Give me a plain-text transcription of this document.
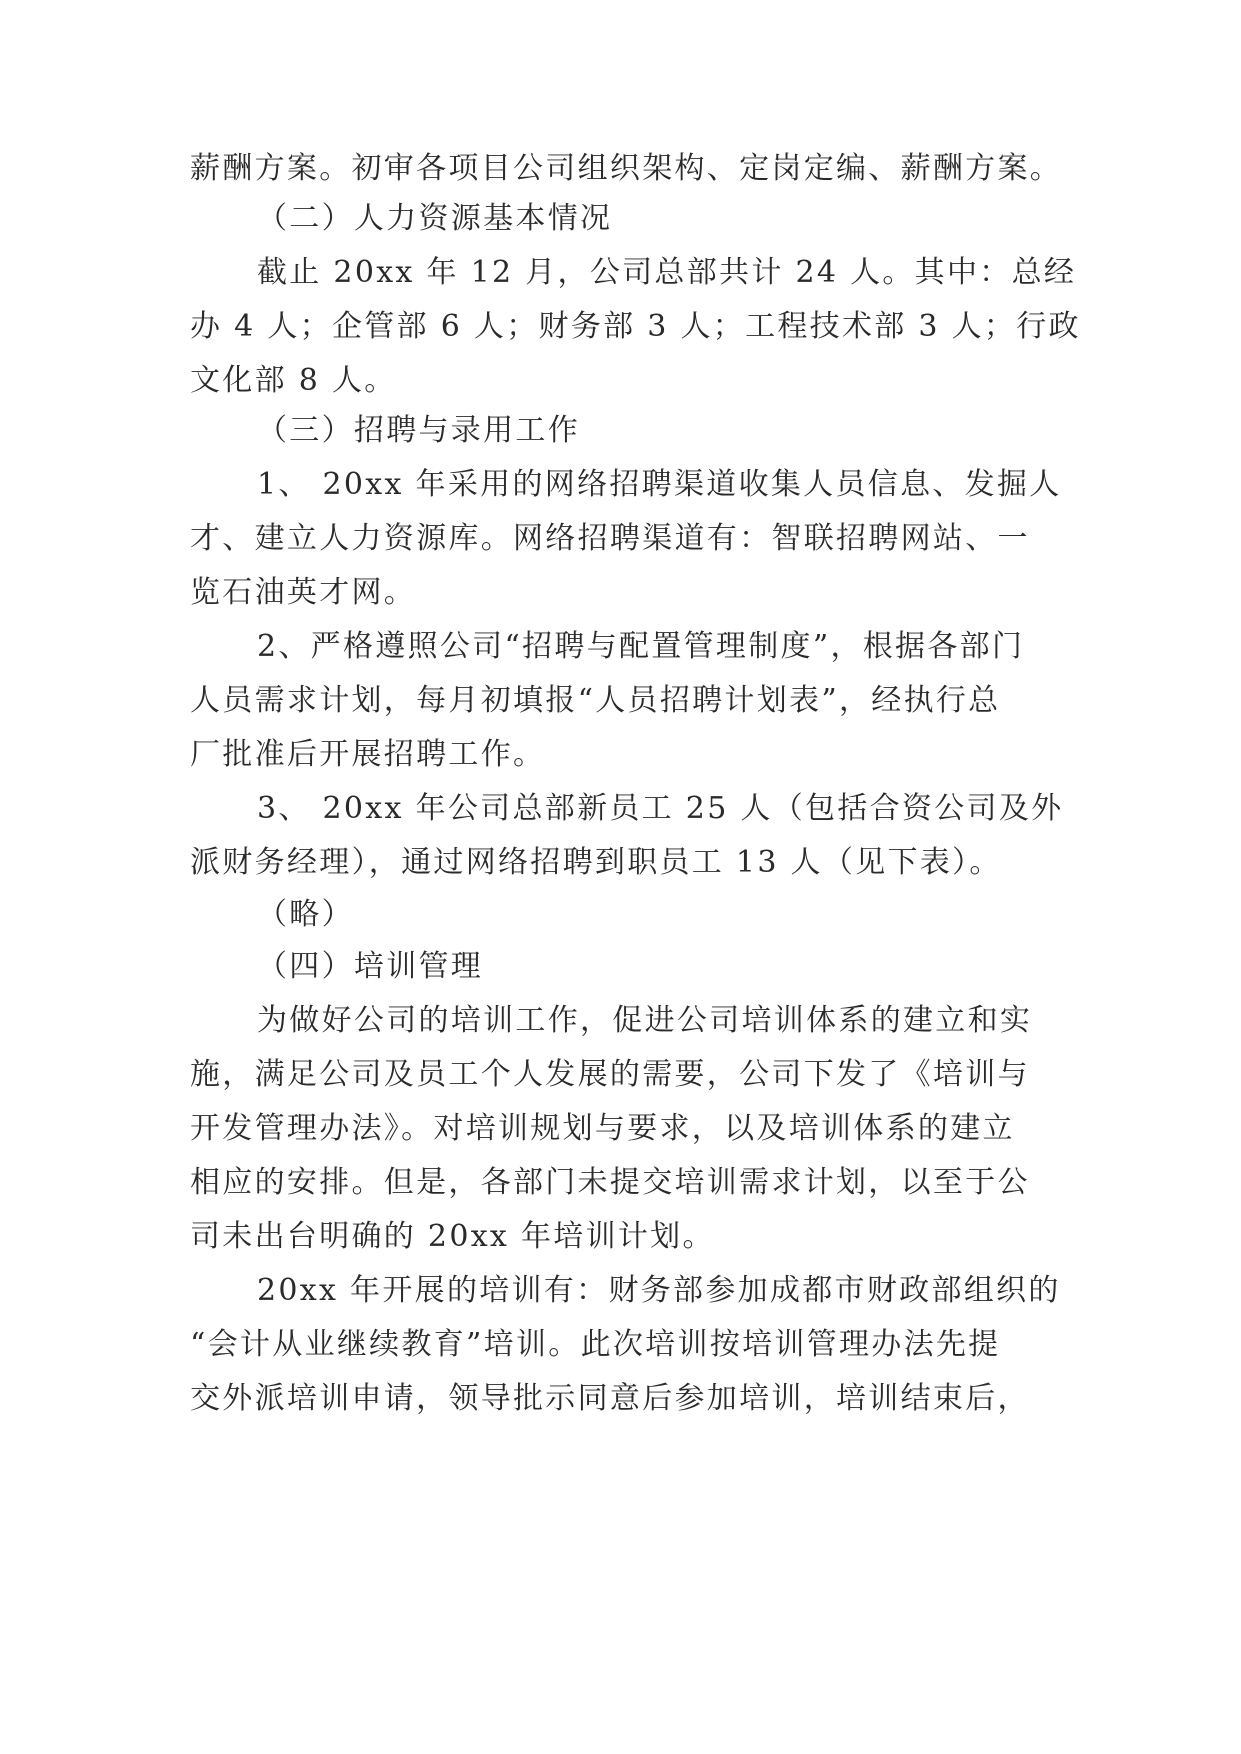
薪酬方案。初审各项目公司组织架构、定岗定编、薪酬方案。
（二）人力资源基本情况
截止 20xx 年 12 月，公司总部共计 24 人。其中：总经
办 4 人；企管部 6 人；财务部 3 人；工程技术部 3 人；行政
文化部 8 人。
（三）招聘与录用工作
1、 20xx 年采用的网络招聘渠道收集人员信息、发掘人
才、建立人力资源库。网络招聘渠道有：智联招聘网站、一
览石油英才网。
2、严格遵照公司“招聘与配置管理制度”，根据各部门
人员需求计划，每月初填报“人员招聘计划表”，经执行总
厂批准后开展招聘工作。
3、 20xx 年公司总部新员工 25 人（包括合资公司及外
派财务经理），通过网络招聘到职员工 13 人（见下表）。
（略）
（四）培训管理
为做好公司的培训工作，促进公司培训体系的建立和实
施，满足公司及员工个人发展的需要，公司下发了《培训与
开发管理办法》。对培训规划与要求，以及培训体系的建立
相应的安排。但是，各部门未提交培训需求计划，以至于公
司未出台明确的 20xx 年培训计划。
20xx 年开展的培训有：财务部参加成都市财政部组织的
“会计从业继续教育”培训。此次培训按培训管理办法先提
交外派培训申请，领导批示同意后参加培训，培训结束后，
